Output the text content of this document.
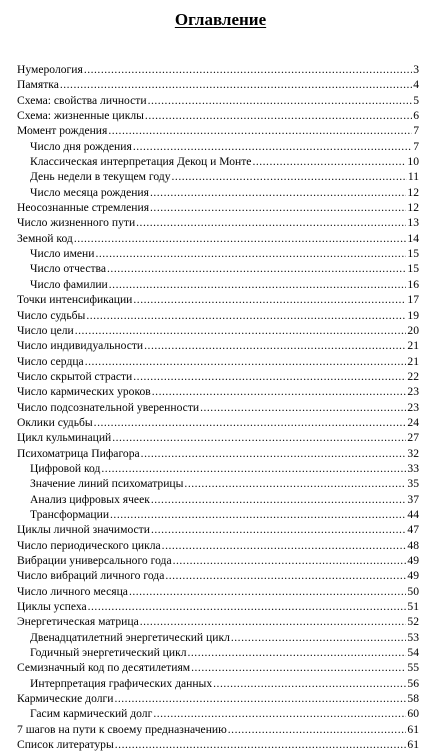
Оглавление
Нумерология .....	3
Памятка .....	4
Схема: свойства личности .....	5
Схема: жизненные циклы .....	6
Момент рождения .....	7
Число дня рождения .....	7
Классическая интерпретация Декоц и Монте .....	10
День недели в текущем году .....	11
Число месяца рождения .....	12
Неосознанные стремления .....	12
Число жизненного пути .....	13
Земной код .....	14
Число имени .....	15
Число отчества .....	15
Число фамилии .....	16
Точки интенсификации .....	17
Число судьбы .....	19
Число цели .....	20
Число индивидуальности .....	21
Число сердца .....	21
Число скрытой страсти .....	22
Число кармических уроков .....	23
Число подсознательной уверенности .....	23
Оклики судьбы .....	24
Цикл кульминаций .....	27
Психоматрица Пифагора .....	32
Цифровой код .....	33
Значение линий психоматрицы .....	35
Анализ цифровых ячеек .....	37
Трансформации .....	44
Циклы личной значимости .....	47
Число периодического цикла .....	48
Вибрации универсального года .....	49
Число вибраций личного года .....	49
Число личного месяца .....	50
Циклы успеха .....	51
Энергетическая матрица .....	52
Двенадцатилетний энергетический цикл .....	53
Годичный энергетический цикл .....	54
Семизначный код по десятилетиям .....	55
Интерпретация графических данных .....	56
Кармические долги .....	58
Гасим кармический долг .....	60
7 шагов на пути к своему предназначению .....	61
Список литературы .....	61
